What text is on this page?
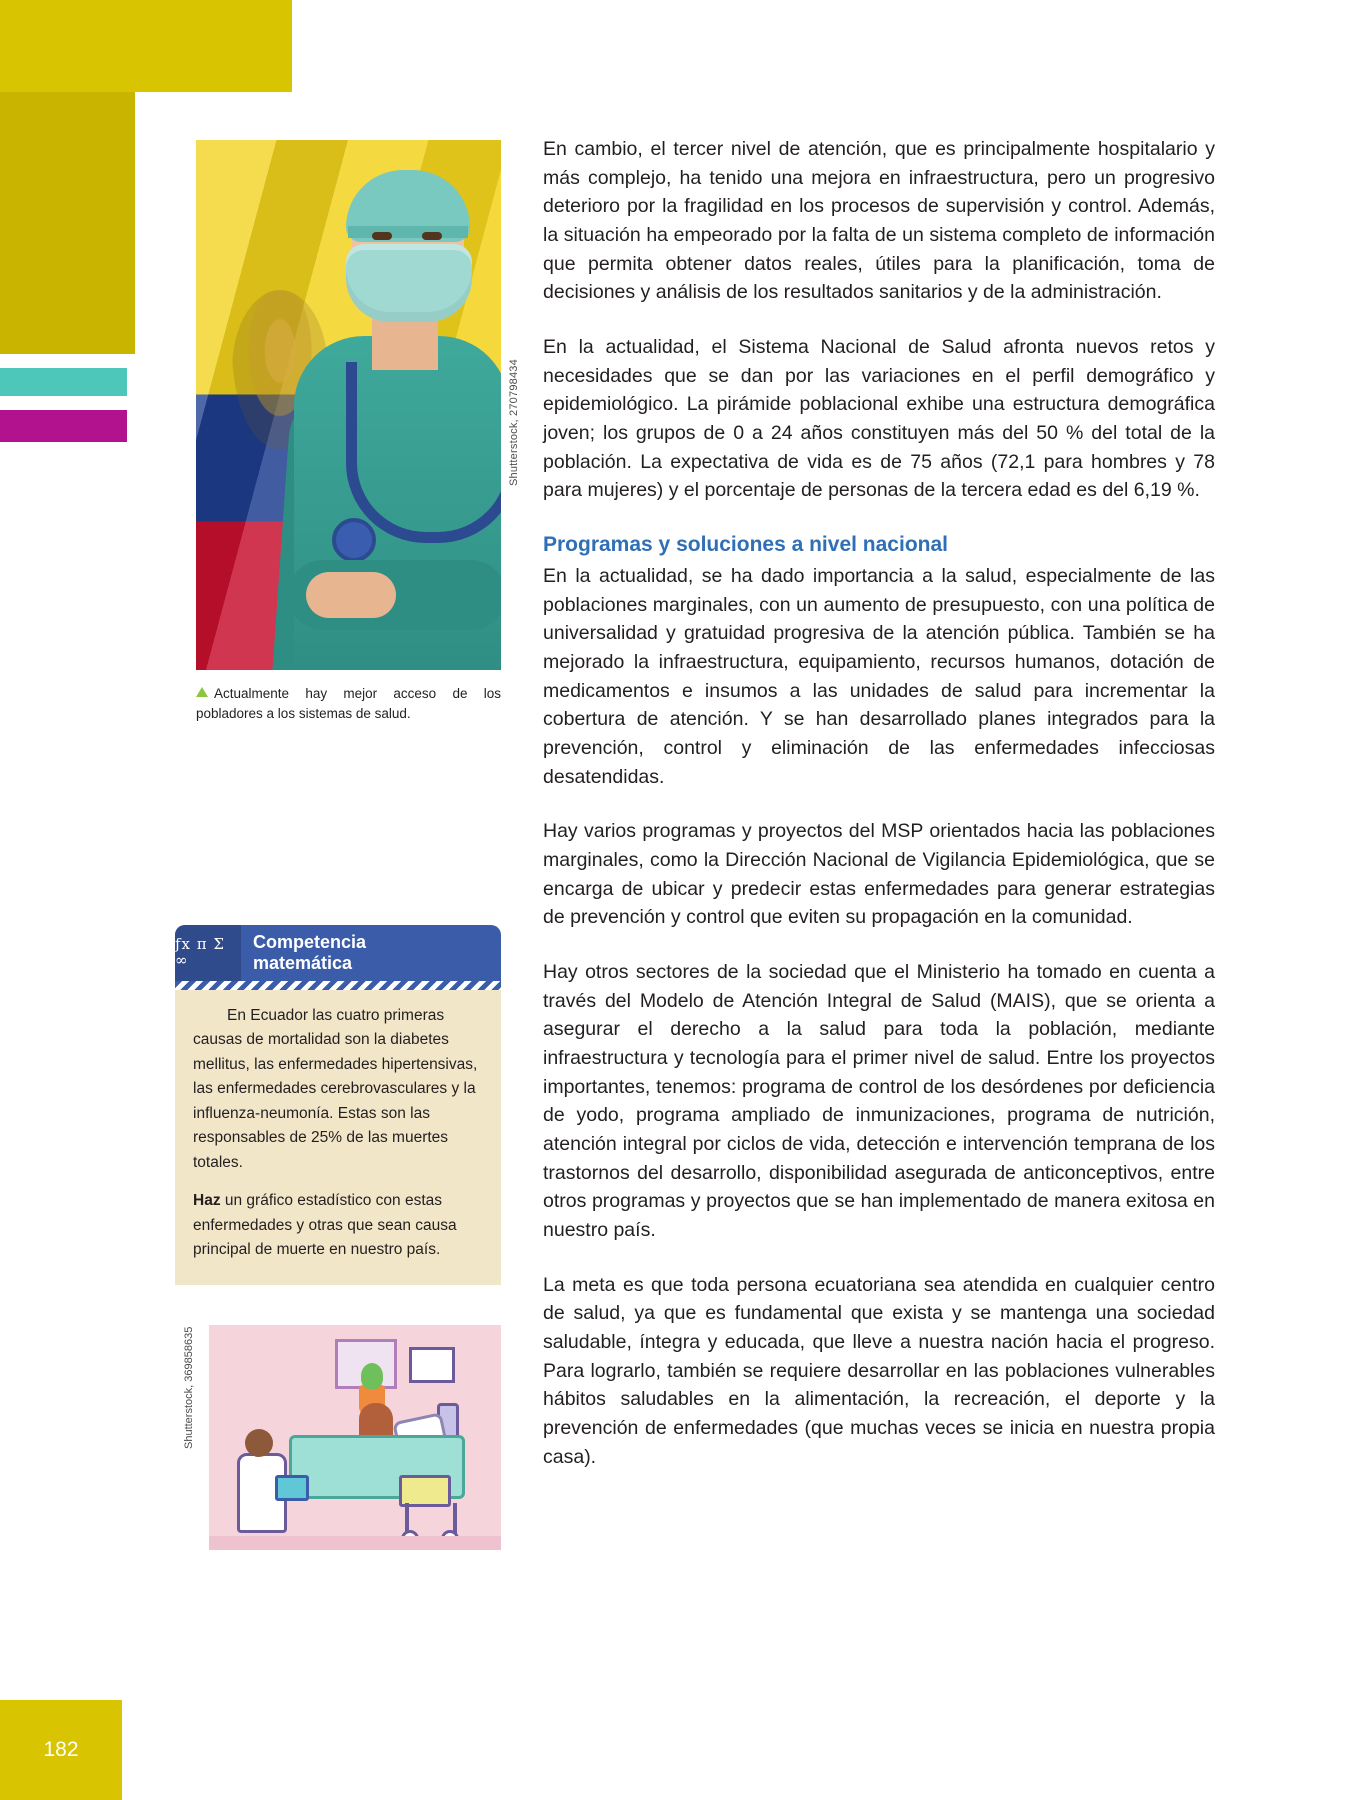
182
Actualmente hay mejor acceso de los pobladores a los sistemas de salud.
Shutterstock, 270798434
Shutterstock, 369858635
ƒx π Σ ∞
Competencia
matemática

En Ecuador las cuatro primeras causas de mortalidad son la diabetes mellitus, las enfermedades hipertensivas, las enfermedades cerebrovasculares y la influenza-neumonía. Estas son las responsables de 25% de las muertes totales.

Haz un gráfico estadístico con estas enfermedades y otras que sean causa principal de muerte en nuestro país.

En cambio, el tercer nivel de atención, que es principalmente hospitalario y más complejo, ha tenido una mejora en infraestructura, pero un progresivo deterioro por la fragilidad en los procesos de supervisión y control. Además, la situación ha empeorado por la falta de un sistema completo de información que permita obtener datos reales, útiles para la planificación, toma de decisiones y análisis de los resultados sanitarios y de la administración.

En la actualidad, el Sistema Nacional de Salud afronta nuevos retos y necesidades que se dan por las variaciones en el perfil demográfico y epidemiológico. La pirámide poblacional exhibe una estructura demográfica joven; los grupos de 0 a 24 años constituyen más del 50 % del total de la población. La expectativa de vida es de 75 años (72,1 para hombres y 78 para mujeres) y el porcentaje de personas de la tercera edad es del 6,19 %.

Programas y soluciones a nivel nacional

En la actualidad, se ha dado importancia a la salud, especialmente de las poblaciones marginales, con un aumento de presupuesto, con una política de universalidad y gratuidad progresiva de la atención pública. También se ha mejorado la infraestructura, equipamiento, recursos humanos, dotación de medicamentos e insumos a las unidades de salud para incrementar la cobertura de atención. Y se han desarrollado planes integrados para la prevención, control y eliminación de las enfermedades infecciosas desatendidas.

Hay varios programas y proyectos del MSP orientados hacia las poblaciones marginales, como la Dirección Nacional de Vigilancia Epidemiológica, que se encarga de ubicar y predecir estas enfermedades para generar estrategias de prevención y control que eviten su propagación en la comunidad.

Hay otros sectores de la sociedad que el Ministerio ha tomado en cuenta a través del Modelo de Atención Integral de Salud (MAIS), que se orienta a asegurar el derecho a la salud para toda la población, mediante infraestructura y tecnología para el primer nivel de salud. Entre los proyectos importantes, tenemos: programa de control de los desórdenes por deficiencia de yodo, programa ampliado de inmunizaciones, programa de nutrición, atención integral por ciclos de vida, detección e intervención temprana de los trastornos del desarrollo, disponibilidad asegurada de anticonceptivos, entre otros programas y proyectos que se han implementado de manera exitosa en nuestro país.

La meta es que toda persona ecuatoriana sea atendida en cualquier centro de salud, ya que es fundamental que exista y se mantenga una sociedad saludable, íntegra y educada, que lleve a nuestra nación hacia el progreso. Para lograrlo, también se requiere desarrollar en las poblaciones vulnerables hábitos saludables en la alimentación, la recreación, el deporte y la prevención de enfermedades (que muchas veces se inicia en nuestra propia casa).
